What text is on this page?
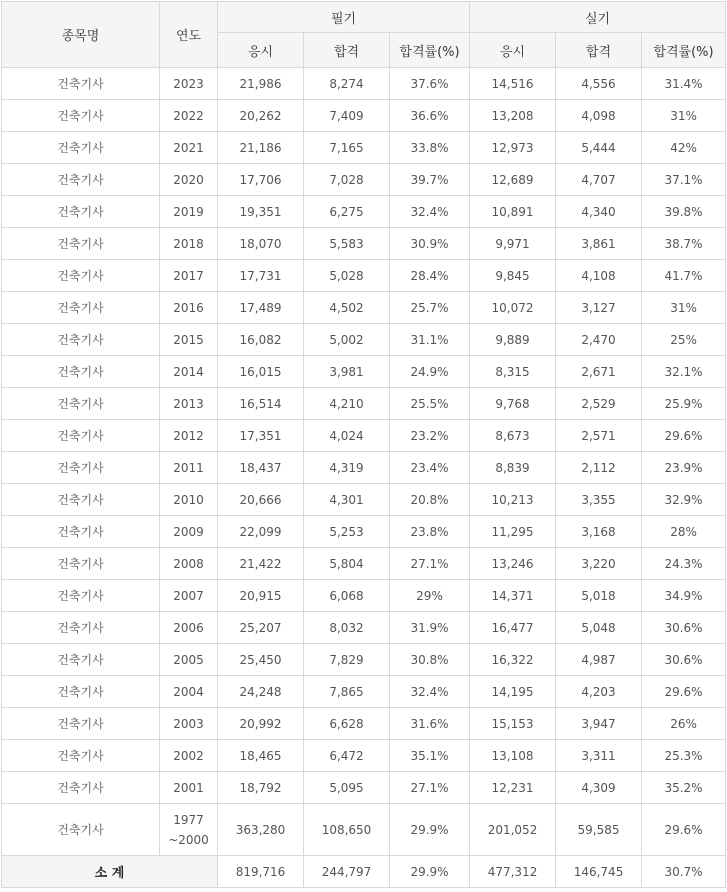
종목명	연도	필기			실기		
		응시	합격	합격률(%)	응시	합격	합격률(%)
건축기사	2023	21,986	8,274	37.6%	14,516	4,556	31.4%
건축기사	2022	20,262	7,409	36.6%	13,208	4,098	31%
건축기사	2021	21,186	7,165	33.8%	12,973	5,444	42%
건축기사	2020	17,706	7,028	39.7%	12,689	4,707	37.1%
건축기사	2019	19,351	6,275	32.4%	10,891	4,340	39.8%
건축기사	2018	18,070	5,583	30.9%	9,971	3,861	38.7%
건축기사	2017	17,731	5,028	28.4%	9,845	4,108	41.7%
건축기사	2016	17,489	4,502	25.7%	10,072	3,127	31%
건축기사	2015	16,082	5,002	31.1%	9,889	2,470	25%
건축기사	2014	16,015	3,981	24.9%	8,315	2,671	32.1%
건축기사	2013	16,514	4,210	25.5%	9,768	2,529	25.9%
건축기사	2012	17,351	4,024	23.2%	8,673	2,571	29.6%
건축기사	2011	18,437	4,319	23.4%	8,839	2,112	23.9%
건축기사	2010	20,666	4,301	20.8%	10,213	3,355	32.9%
건축기사	2009	22,099	5,253	23.8%	11,295	3,168	28%
건축기사	2008	21,422	5,804	27.1%	13,246	3,220	24.3%
건축기사	2007	20,915	6,068	29%	14,371	5,018	34.9%
건축기사	2006	25,207	8,032	31.9%	16,477	5,048	30.6%
건축기사	2005	25,450	7,829	30.8%	16,322	4,987	30.6%
건축기사	2004	24,248	7,865	32.4%	14,195	4,203	29.6%
건축기사	2003	20,992	6,628	31.6%	15,153	3,947	26%
건축기사	2002	18,465	6,472	35.1%	13,108	3,311	25.3%
건축기사	2001	18,792	5,095	27.1%	12,231	4,309	35.2%
건축기사	1977 ~2000	363,280	108,650	29.9%	201,052	59,585	29.6%
소 계		819,716	244,797	29.9%	477,312	146,745	30.7%
